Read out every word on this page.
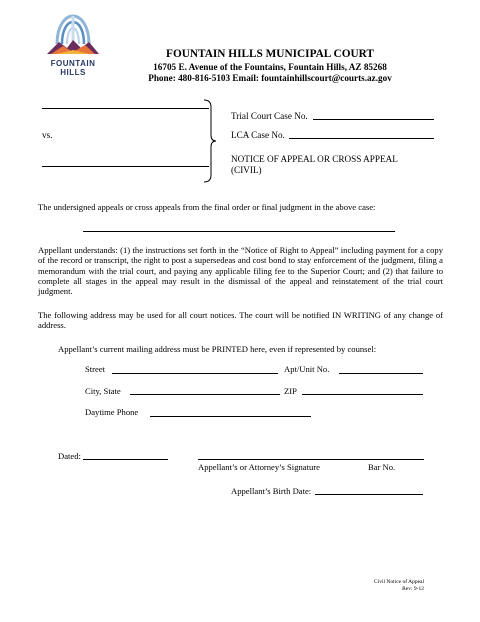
FOUNTAIN
HILLS
FOUNTAIN HILLS MUNICIPAL COURT
16705 E. Avenue of the Fountains, Fountain Hills, AZ 85268
Phone: 480-816-5103 Email: fountainhillscourt@courts.az.gov
vs.
Trial Court Case No.
LCA Case No.
NOTICE OF APPEAL OR CROSS APPEAL
(CIVIL)
The undersigned appeals or cross appeals from the final order or final judgment in the above case:
Appellant understands: (1) the instructions set forth in the “Notice of Right to Appeal” including payment for a copy of the record or transcript, the right to post a supersedeas and cost bond to stay enforcement of the judgment, filing a memorandum with the trial court, and paying any applicable filing fee to the Superior Court; and (2) that failure to complete all stages in the appeal may result in the dismissal of the appeal and reinstatement of the trial court judgment.
The following address may be used for all court notices. The court will be notified IN WRITING of any change of address.
Appellant’s current mailing address must be PRINTED here, even if represented by counsel:
Street	Apt/Unit No.
City, State	ZIP
Daytime Phone
Dated:
Appellant’s or Attorney’s Signature	Bar No.
Appellant’s Birth Date:
Civil Notice of Appeal
Rev: 9-12
